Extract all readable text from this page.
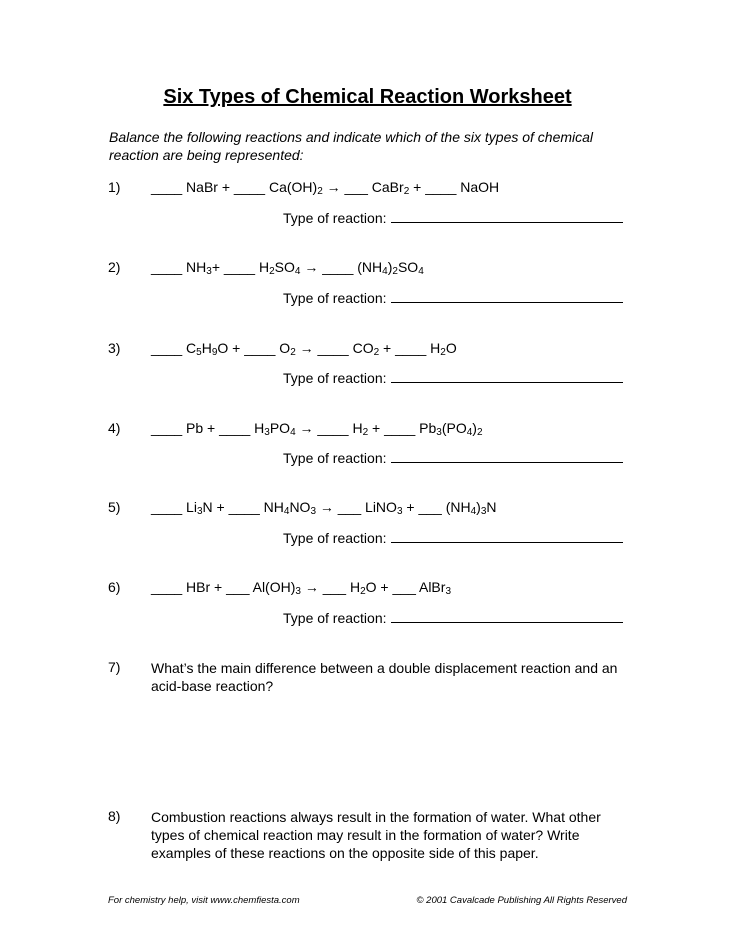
Six Types of Chemical Reaction Worksheet
Balance the following reactions and indicate which of the six types of chemical reaction are being represented:
1) ____ NaBr + ____ $Ca(OH)_2$ → ___ CaBr$_2$ + ____ NaOH
Type of reaction:
2) ____ $NH_3+$ ____ $H_2SO_4$ → ____ $(NH_4)_2SO_4$
Type of reaction:
3) ____ $C_5H_9O$ + ____ $O_2$ → ____ $CO_2$ + ____ $H_2O$
Type of reaction:
4) ____ Pb + ____ $H_3PO_4$ → ____ $H_2$ + ____ $Pb_3(PO_4)_2$
Type of reaction:
5) ____ $Li_3N$ + ____ $NH_4NO_3$ → ___ LiNO$_3$ + ___ $(NH_4)_3N$
Type of reaction:
6) ____ HBr + ___ $Al(OH)_3$ → ___ $H_2O$ + ___ AlBr$_3$
Type of reaction:
7) What’s the main difference between a double displacement reaction and an acid-base reaction?
8) Combustion reactions always result in the formation of water. What other types of chemical reaction may result in the formation of water? Write examples of these reactions on the opposite side of this paper.
For chemistry help, visit www.chemfiesta.com	© 2001 Cavalcade Publishing All Rights Reserved
